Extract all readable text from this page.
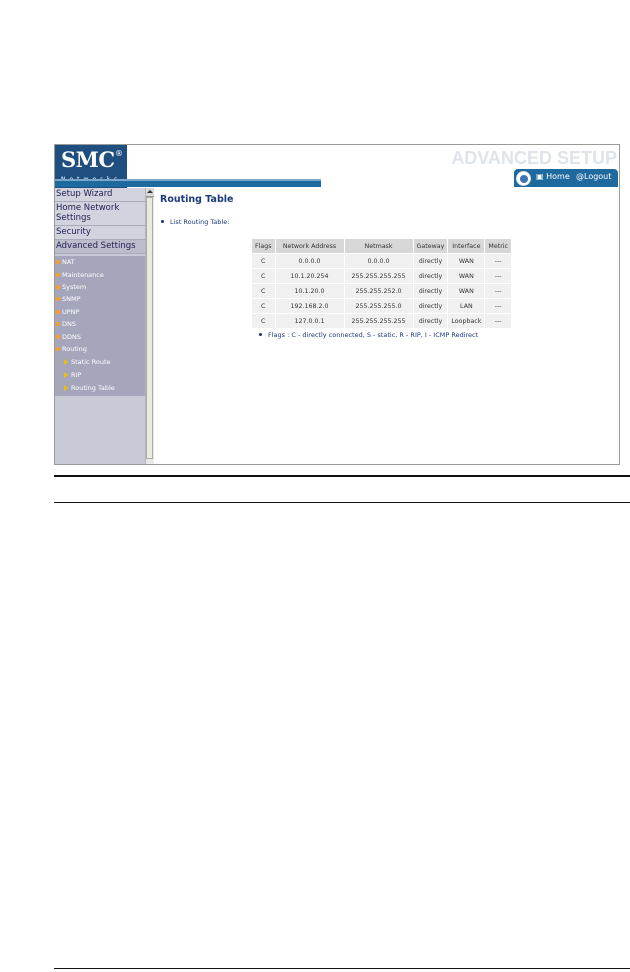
SMC ®	ADVANCED SETUP
▣ Home @Logout
Setup Wizard
Home Network Settings
Security
Advanced Settings
NAT
Maintenance
System
SNMP
UPNP
DNS
DDNS
Routing
Static Route
RIP
Routing Table
Routing Table
List Routing Table:
Flags	Network Address	Netmask	Gateway	Interface	Metric
C	0.0.0.0	0.0.0.0	directly	WAN	---
C	10.1.20.254	255.255.255.255	directly	WAN	---
C	10.1.20.0	255.255.252.0	directly	WAN	---
C	192.168.2.0	255.255.255.0	directly	LAN	---
C	127.0.0.1	255.255.255.255	directly	Loopback	---
Flags : C - directly connected, S - static, R - RIP, I - ICMP Redirect
